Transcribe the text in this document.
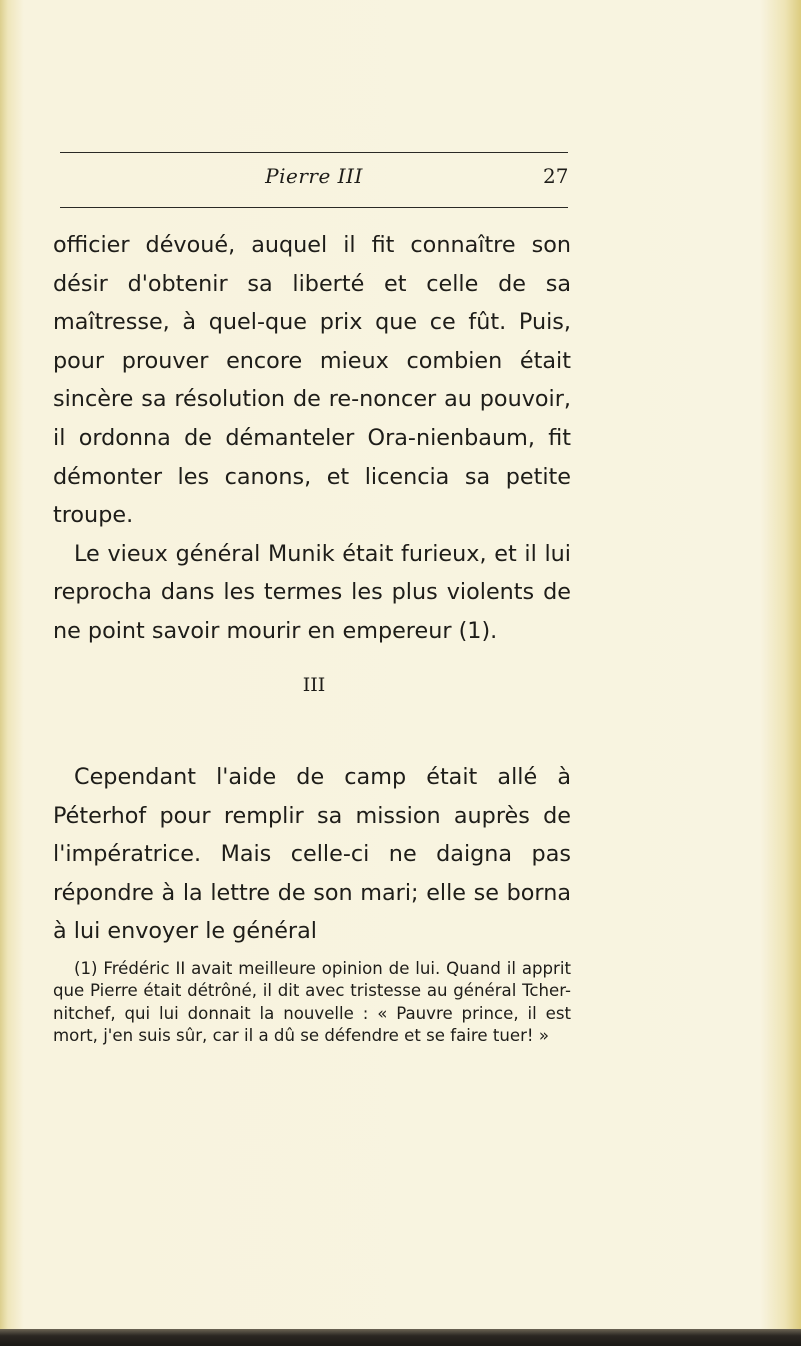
Pierre III	27

officier dévoué, auquel il fit connaître son désir d'obtenir sa liberté et celle de sa maîtresse, à quel-que prix que ce fût. Puis, pour prouver encore mieux combien était sincère sa résolution de re-noncer au pouvoir, il ordonna de démanteler Ora-nienbaum, fit démonter les canons, et licencia sa petite troupe.

Le vieux général Munik était furieux, et il lui reprocha dans les termes les plus violents de ne point savoir mourir en empereur (1).

III

Cependant l'aide de camp était allé à Péterhof pour remplir sa mission auprès de l'impératrice. Mais celle-ci ne daigna pas répondre à la lettre de son mari; elle se borna à lui envoyer le général

(1) Frédéric II avait meilleure opinion de lui. Quand il apprit que Pierre était détrôné, il dit avec tristesse au général Tcher-nitchef, qui lui donnait la nouvelle : « Pauvre prince, il est mort, j'en suis sûr, car il a dû se défendre et se faire tuer! »
